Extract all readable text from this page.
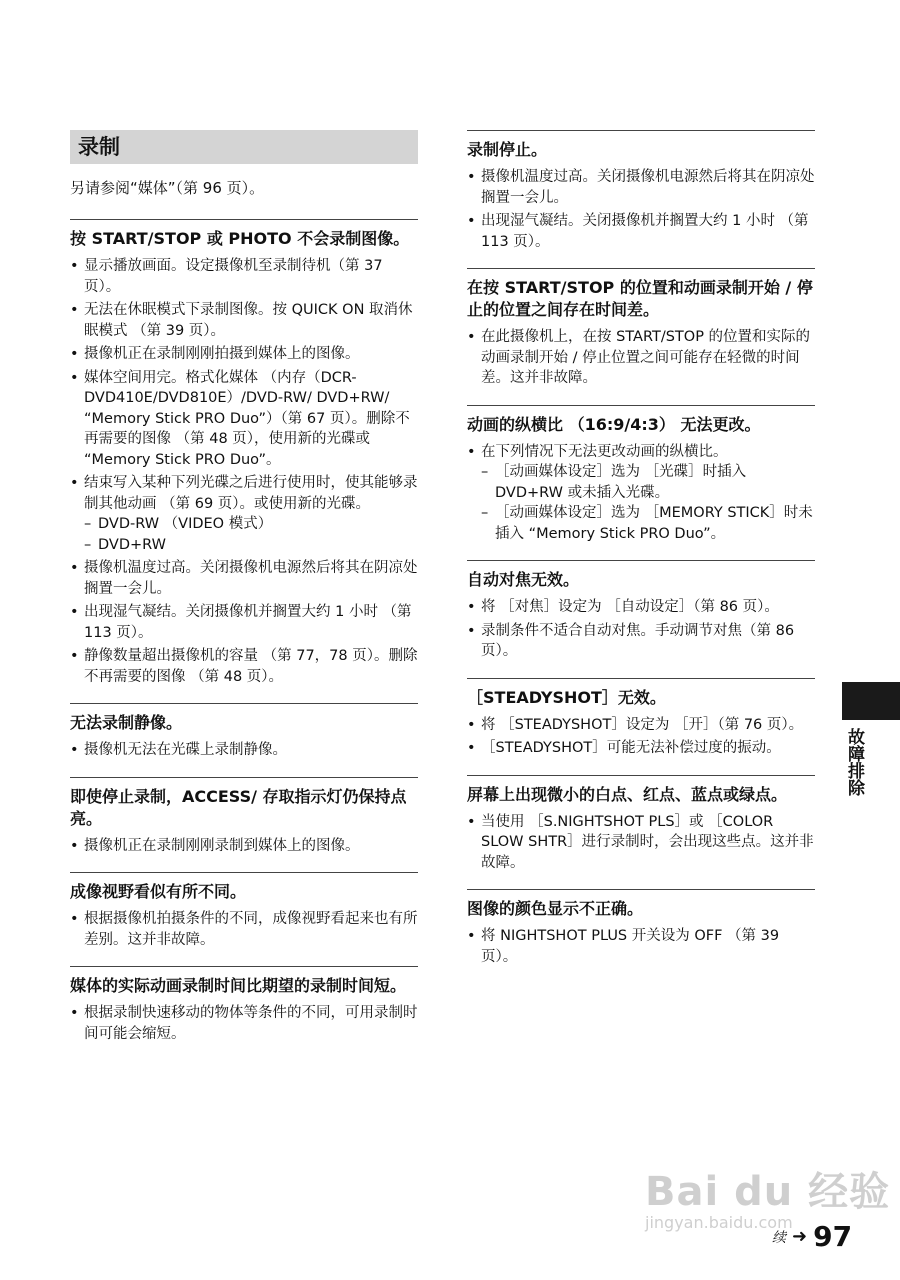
录制
另请参阅“媒体”（第 96 页）。
按 START/STOP 或 PHOTO 不会录制图像。
• 显示播放画面。设定摄像机至录制待机（第 37 页）。
• 无法在休眠模式下录制图像。按 QUICK ON 取消休眠模式 （第 39 页）。
• 摄像机正在录制刚刚拍摄到媒体上的图像。
• 媒体空间用完。格式化媒体 （内存（DCR-DVD410E/DVD810E）/DVD-RW/ DVD+RW/ “Memory Stick PRO Duo”）（第 67 页）。删除不再需要的图像 （第 48 页），使用新的光碟或 “Memory Stick PRO Duo”。
• 结束写入某种下列光碟之后进行使用时，使其能够录制其他动画 （第 69 页）。或使用新的光碟。
– DVD-RW （VIDEO 模式）
– DVD+RW
• 摄像机温度过高。关闭摄像机电源然后将其在阴凉处搁置一会儿。
• 出现湿气凝结。关闭摄像机并搁置大约 1 小时 （第 113 页）。
• 静像数量超出摄像机的容量 （第 77，78 页）。删除不再需要的图像 （第 48 页）。
无法录制静像。
• 摄像机无法在光碟上录制静像。
即使停止录制，ACCESS/ 存取指示灯仍保持点亮。
• 摄像机正在录制刚刚录制到媒体上的图像。
成像视野看似有所不同。
• 根据摄像机拍摄条件的不同，成像视野看起来也有所差别。这并非故障。
媒体的实际动画录制时间比期望的录制时间短。
• 根据录制快速移动的物体等条件的不同，可用录制时间可能会缩短。
录制停止。
• 摄像机温度过高。关闭摄像机电源然后将其在阴凉处搁置一会儿。
• 出现湿气凝结。关闭摄像机并搁置大约 1 小时 （第 113 页）。
在按 START/STOP 的位置和动画录制开始 / 停止的位置之间存在时间差。
• 在此摄像机上，在按 START/STOP 的位置和实际的动画录制开始 / 停止位置之间可能存在轻微的时间差。这并非故障。
动画的纵横比 （16:9/4:3） 无法更改。
• 在下列情况下无法更改动画的纵横比。
– ［动画媒体设定］选为 ［光碟］时插入 DVD+RW 或未插入光碟。
– ［动画媒体设定］选为 ［MEMORY STICK］时未插入 “Memory Stick PRO Duo”。
自动对焦无效。
• 将 ［对焦］设定为 ［自动设定］（第 86 页）。
• 录制条件不适合自动对焦。手动调节对焦（第 86 页）。
［STEADYSHOT］无效。
• 将 ［STEADYSHOT］设定为 ［开］（第 76 页）。
• ［STEADYSHOT］可能无法补偿过度的振动。
屏幕上出现微小的白点、红点、蓝点或绿点。
• 当使用 ［S.NIGHTSHOT PLS］或 ［COLOR SLOW SHTR］进行录制时，会出现这些点。这并非故障。
图像的颜色显示不正确。
• 将 NIGHTSHOT PLUS 开关设为 OFF （第 39 页）。
故障排除
Bai du 经验
jingyan.baidu.com
续 ➜ 97
